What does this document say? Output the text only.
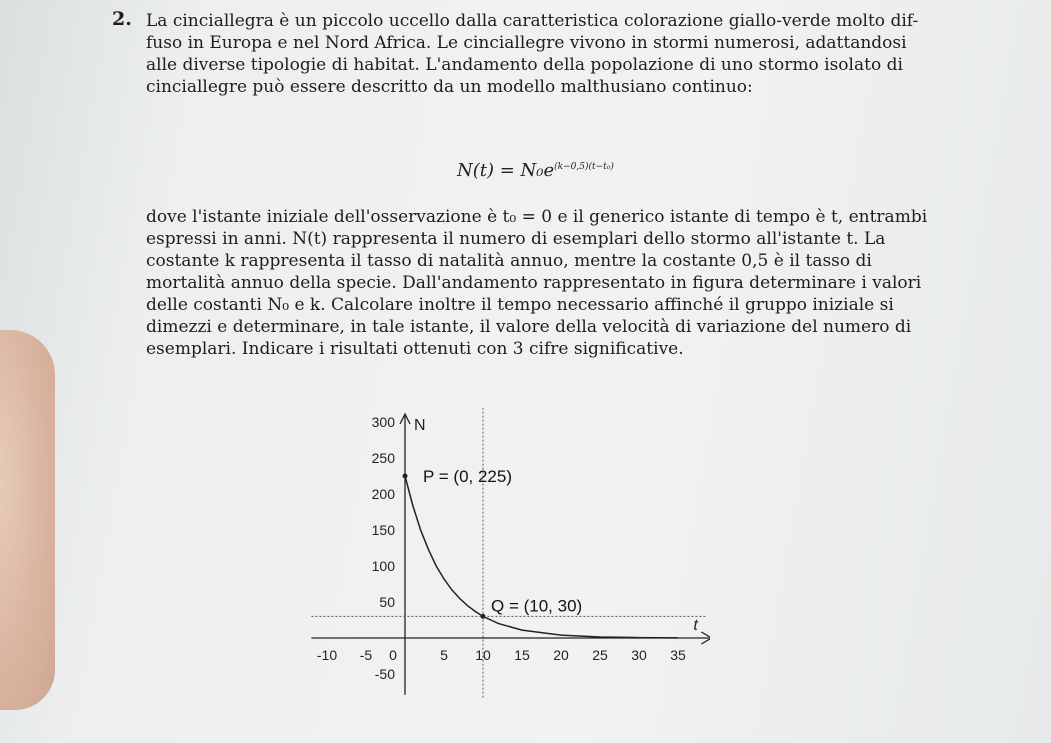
2. La cinciallegra è un piccolo uccello dalla caratteristica colorazione giallo-verde molto dif-
fuso in Europa e nel Nord Africa. Le cinciallegre vivono in stormi numerosi, adattandosi
alle diverse tipologie di habitat. L'andamento della popolazione di uno stormo isolato di
cinciallegre può essere descritto da un modello malthusiano continuo:
$N(t) = N_0e^{(k-0,5)(t-t_0)}$
dove l'istante iniziale dell'osservazione è t₀ = 0 e il generico istante di tempo è t, entrambi
espressi in anni. N(t) rappresenta il numero di esemplari dello stormo all'istante t. La
costante k rappresenta il tasso di natalità annuo, mentre la costante 0,5 è il tasso di
mortalità annuo della specie. Dall'andamento rappresentato in figura determinare i valori
delle costanti N₀ e k. Calcolare inoltre il tempo necessario affinché il gruppo iniziale si
dimezzi e determinare, in tale istante, il valore della velocità di variazione del numero di
esemplari. Indicare i risultati ottenuti con 3 cifre significative.
N
t
-10 -5 0	5 10 15 20 25 30 35
300
250
200
150
100
50
-50
P = (0, 225)
Q = (10, 30)
